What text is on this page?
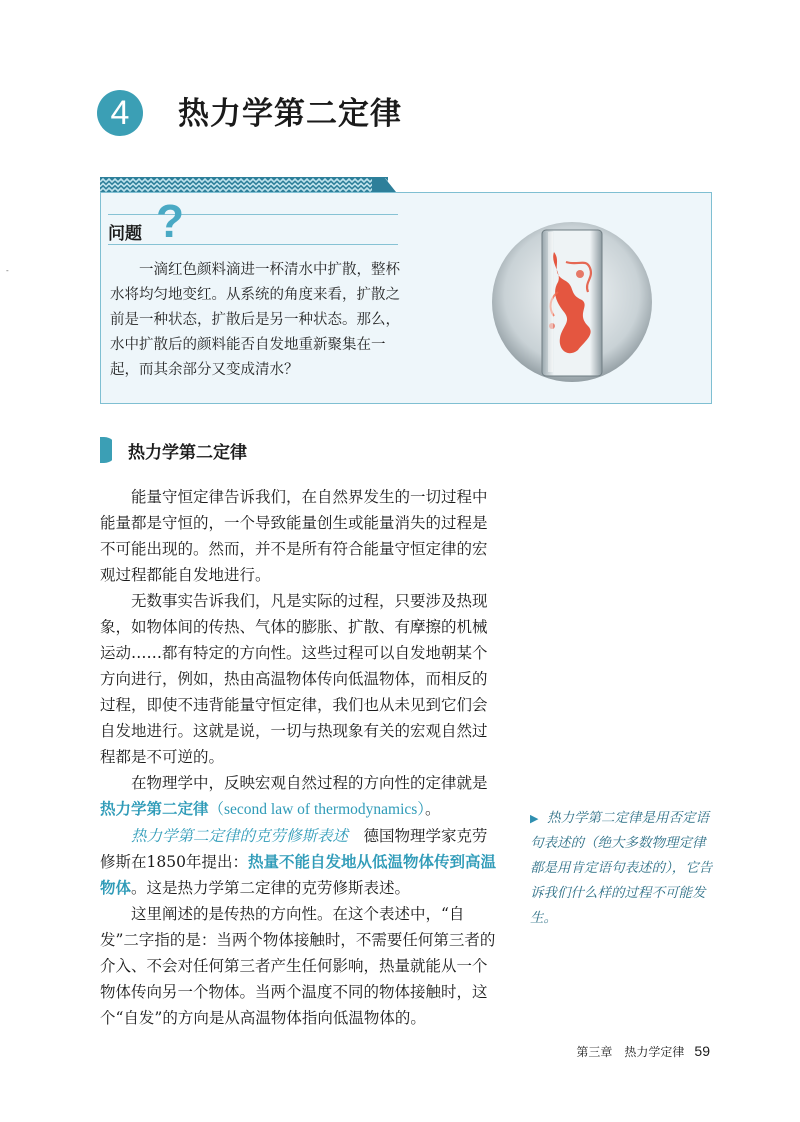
4	热力学第二定律
问题 ?

一滴红色颜料滴进一杯清水中扩散，整杯水将均匀地变红。从系统的角度来看，扩散之前是一种状态，扩散后是另一种状态。那么，水中扩散后的颜料能否自发地重新聚集在一起，而其余部分又变成清水？

热力学第二定律

能量守恒定律告诉我们，在自然界发生的一切过程中能量都是守恒的，一个导致能量创生或能量消失的过程是不可能出现的。然而，并不是所有符合能量守恒定律的宏观过程都能自发地进行。

无数事实告诉我们，凡是实际的过程，只要涉及热现象，如物体间的传热、气体的膨胀、扩散、有摩擦的机械运动……都有特定的方向性。这些过程可以自发地朝某个方向进行，例如，热由高温物体传向低温物体，而相反的过程，即使不违背能量守恒定律，我们也从未见到它们会自发地进行。这就是说，一切与热现象有关的宏观自然过程都是不可逆的。

在物理学中，反映宏观自然过程的方向性的定律就是热力学第二定律（second law of thermodynamics）。

热力学第二定律的克劳修斯表述　 德国物理学家克劳修斯在1850年提出：热量不能自发地从低温物体传到高温物体。这是热力学第二定律的克劳修斯表述。

这里阐述的是传热的方向性。在这个表述中，“自发”二字指的是：当两个物体接触时，不需要任何第三者的介入、不会对任何第三者产生任何影响，热量就能从一个物体传向另一个物体。当两个温度不同的物体接触时，这个“自发”的方向是从高温物体指向低温物体的。

▶ 热力学第二定律是用否定语句表述的（绝大多数物理定律都是用肯定语句表述的），它告诉我们什么样的过程不可能发生。

第三章　热力学定律 59
-
